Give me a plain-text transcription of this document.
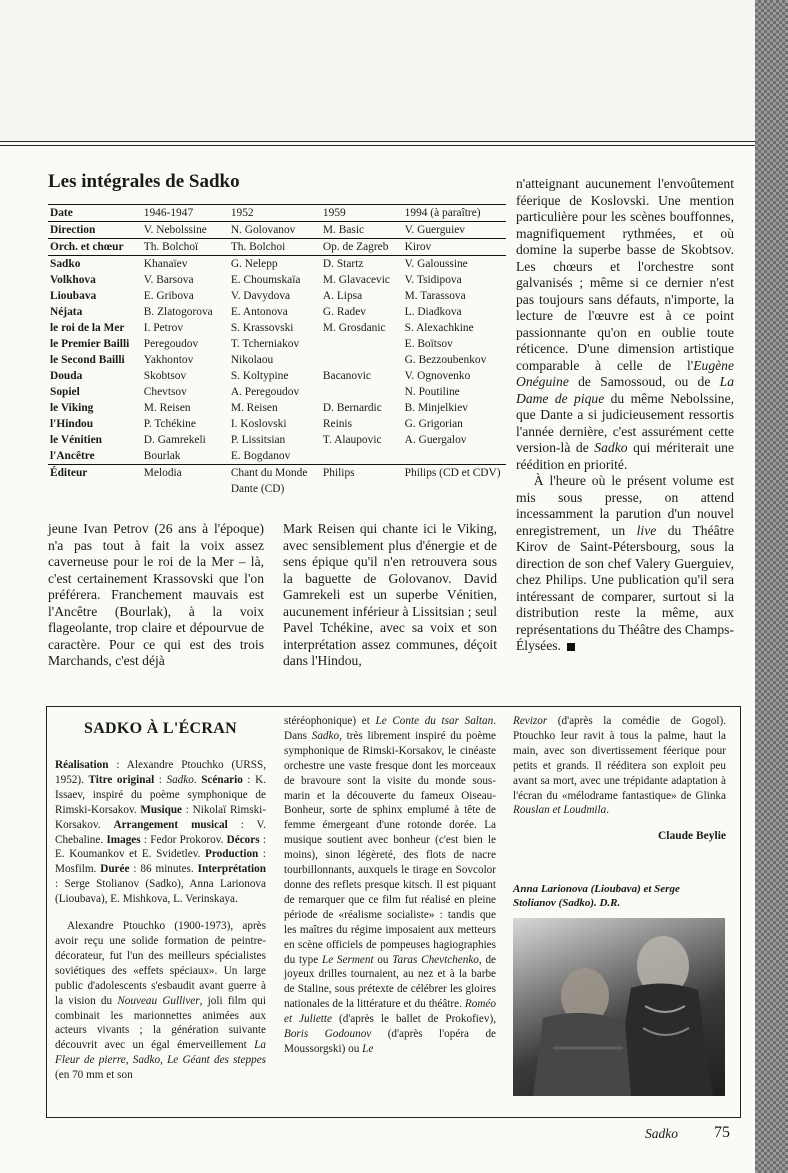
Les intégrales de Sadko
Date	1946-1947	1952	1959	1994 (à paraître)
Direction	V. Nebolssine	N. Golovanov	M. Basic	V. Guerguiev
Orch. et chœur	Th. Bolchoï	Th. Bolchoi	Op. de Zagreb	Kirov
Sadko	Khanaïev	G. Nelepp	D. Startz	V. Galoussine
Volkhova	V. Barsova	E. Choumskaïa	M. Glavacevic	V. Tsidipova
Lioubava	E. Gribova	V. Davydova	A. Lipsa	M. Tarassova
Néjata	B. Zlatogorova	E. Antonova	G. Radev	L. Diadkova
le roi de la Mer	I. Petrov	S. Krassovski	M. Grosdanic	S. Alexachkine
le Premier Bailli	Peregoudov	T. Tcherniakov		E. Boïtsov
le Second Bailli	Yakhontov	Nikolaou		G. Bezzoubenkov
Douda	Skobtsov	S. Koltypine	Bacanovic	V. Ognovenko
Sopiel	Chevtsov	A. Peregoudov		N. Poutiline
le Viking	M. Reisen	M. Reisen	D. Bernardic	B. Minjelkiev
l'Hindou	P. Tchékine	I. Koslovski	Reinis	G. Grigorian
le Vénitien	D. Gamrekeli	P. Lissitsian	T. Alaupovic	A. Guergalov
l'Ancêtre	Bourlak	E. Bogdanov		
Éditeur	Melodia	Chant du Monde Dante (CD)	Philips	Philips (CD et CDV)

n'atteignant aucunement l'envoûtement féerique de Koslovski. Une mention particulière pour les scènes bouffonnes, magnifiquement rythmées, et où domine la superbe basse de Skobtsov. Les chœurs et l'orchestre sont galvanisés ; même si ce dernier n'est pas toujours sans défauts, n'importe, la lecture de l'œuvre est à ce point passionnante qu'on en oublie toute réticence. D'une dimension artistique comparable à celle de l'Eugène Onéguine de Samossoud, ou de La Dame de pique du même Nebolssine, que Dante a si judicieusement ressortis l'année dernière, c'est assurément cette version-là de Sadko qui mériterait une réédition en priorité.
À l'heure où le présent volume est mis sous presse, on attend incessamment la parution d'un nouvel enregistrement, un live du Théâtre Kirov de Saint-Pétersbourg, sous la direction de son chef Valery Guerguiev, chez Philips. Une publication qu'il sera intéressant de comparer, surtout si la distribution reste la même, aux représentations du Théâtre des Champs-Élysées.

jeune Ivan Petrov (26 ans à l'époque) n'a pas tout à fait la voix assez caverneuse pour le roi de la Mer – là, c'est certainement Krassovski que l'on préférera. Franchement mauvais est l'Ancêtre (Bourlak), à la voix flageolante, trop claire et dépourvue de caractère. Pour ce qui est des trois Marchands, c'est déjà

Mark Reisen qui chante ici le Viking, avec sensiblement plus d'énergie et de sens épique qu'il n'en retrouvera sous la baguette de Golovanov. David Gamrekeli est un superbe Vénitien, aucunement inférieur à Lissitsian ; seul Pavel Tchékine, avec sa voix et son interprétation assez communes, déçoit dans l'Hindou,

SADKO À L'ÉCRAN
Réalisation : Alexandre Ptouchko (URSS, 1952). Titre original : Sadko. Scénario : K. Issaev, inspiré du poème symphonique de Rimski-Korsakov. Musique : Nikolaï Rimski-Korsakov. Arrangement musical : V. Chebaline. Images : Fedor Prokorov. Décors : E. Koumankov et E. Svidetlev. Production : Mosfilm. Durée : 86 minutes. Interprétation : Serge Stolianov (Sadko), Anna Larionova (Lioubava), E. Mishkova, L. Verinskaya.
Alexandre Ptouchko (1900-1973), après avoir reçu une solide formation de peintre-décorateur, fut l'un des meilleurs spécialistes soviétiques des «effets spéciaux». Un large public d'adolescents s'esbaudit avant guerre à la vision du Nouveau Gulliver, joli film qui combinait les marionnettes animées aux acteurs vivants ; la génération suivante découvrit avec un égal émerveillement La Fleur de pierre, Sadko, Le Géant des steppes (en 70 mm et son
stéréophonique) et Le Conte du tsar Saltan. Dans Sadko, très librement inspiré du poème symphonique de Rimski-Korsakov, le cinéaste orchestre une vaste fresque dont les morceaux de bravoure sont la visite du monde sous-marin et la découverte du fameux Oiseau-Bonheur, sorte de sphinx emplumé à tête de femme émergeant d'une rotonde dorée. La musique soutient avec bonheur (c'est bien le moins), sinon légèreté, des flots de nacre tourbillonnants, auxquels le tirage en Sovcolor donne des reflets presque kitsch. Il est piquant de remarquer que ce film fut réalisé en pleine période de «réalisme socialiste» : tandis que les maîtres du régime imposaient aux metteurs en scène officiels de pompeuses hagiographies du type Le Serment ou Taras Chevtchenko, de joyeux drilles tournaient, au nez et à la barbe de Staline, sous prétexte de célébrer les gloires nationales de la littérature et du théâtre. Roméo et Juliette (d'après le ballet de Prokofiev), Boris Godounov (d'après l'opéra de Moussorgski) ou Le
Revizor (d'après la comédie de Gogol). Ptouchko leur ravit à tous la palme, haut la main, avec son divertissement féerique pour petits et grands. Il rééditera son exploit peu avant sa mort, avec une trépidante adaptation à l'écran du «mélodrame fantastique» de Glinka Rouslan et Loudmila.
Claude Beylie
Anna Larionova (Lioubava) et Serge Stolianov (Sadko). D.R.
Sadko 75
